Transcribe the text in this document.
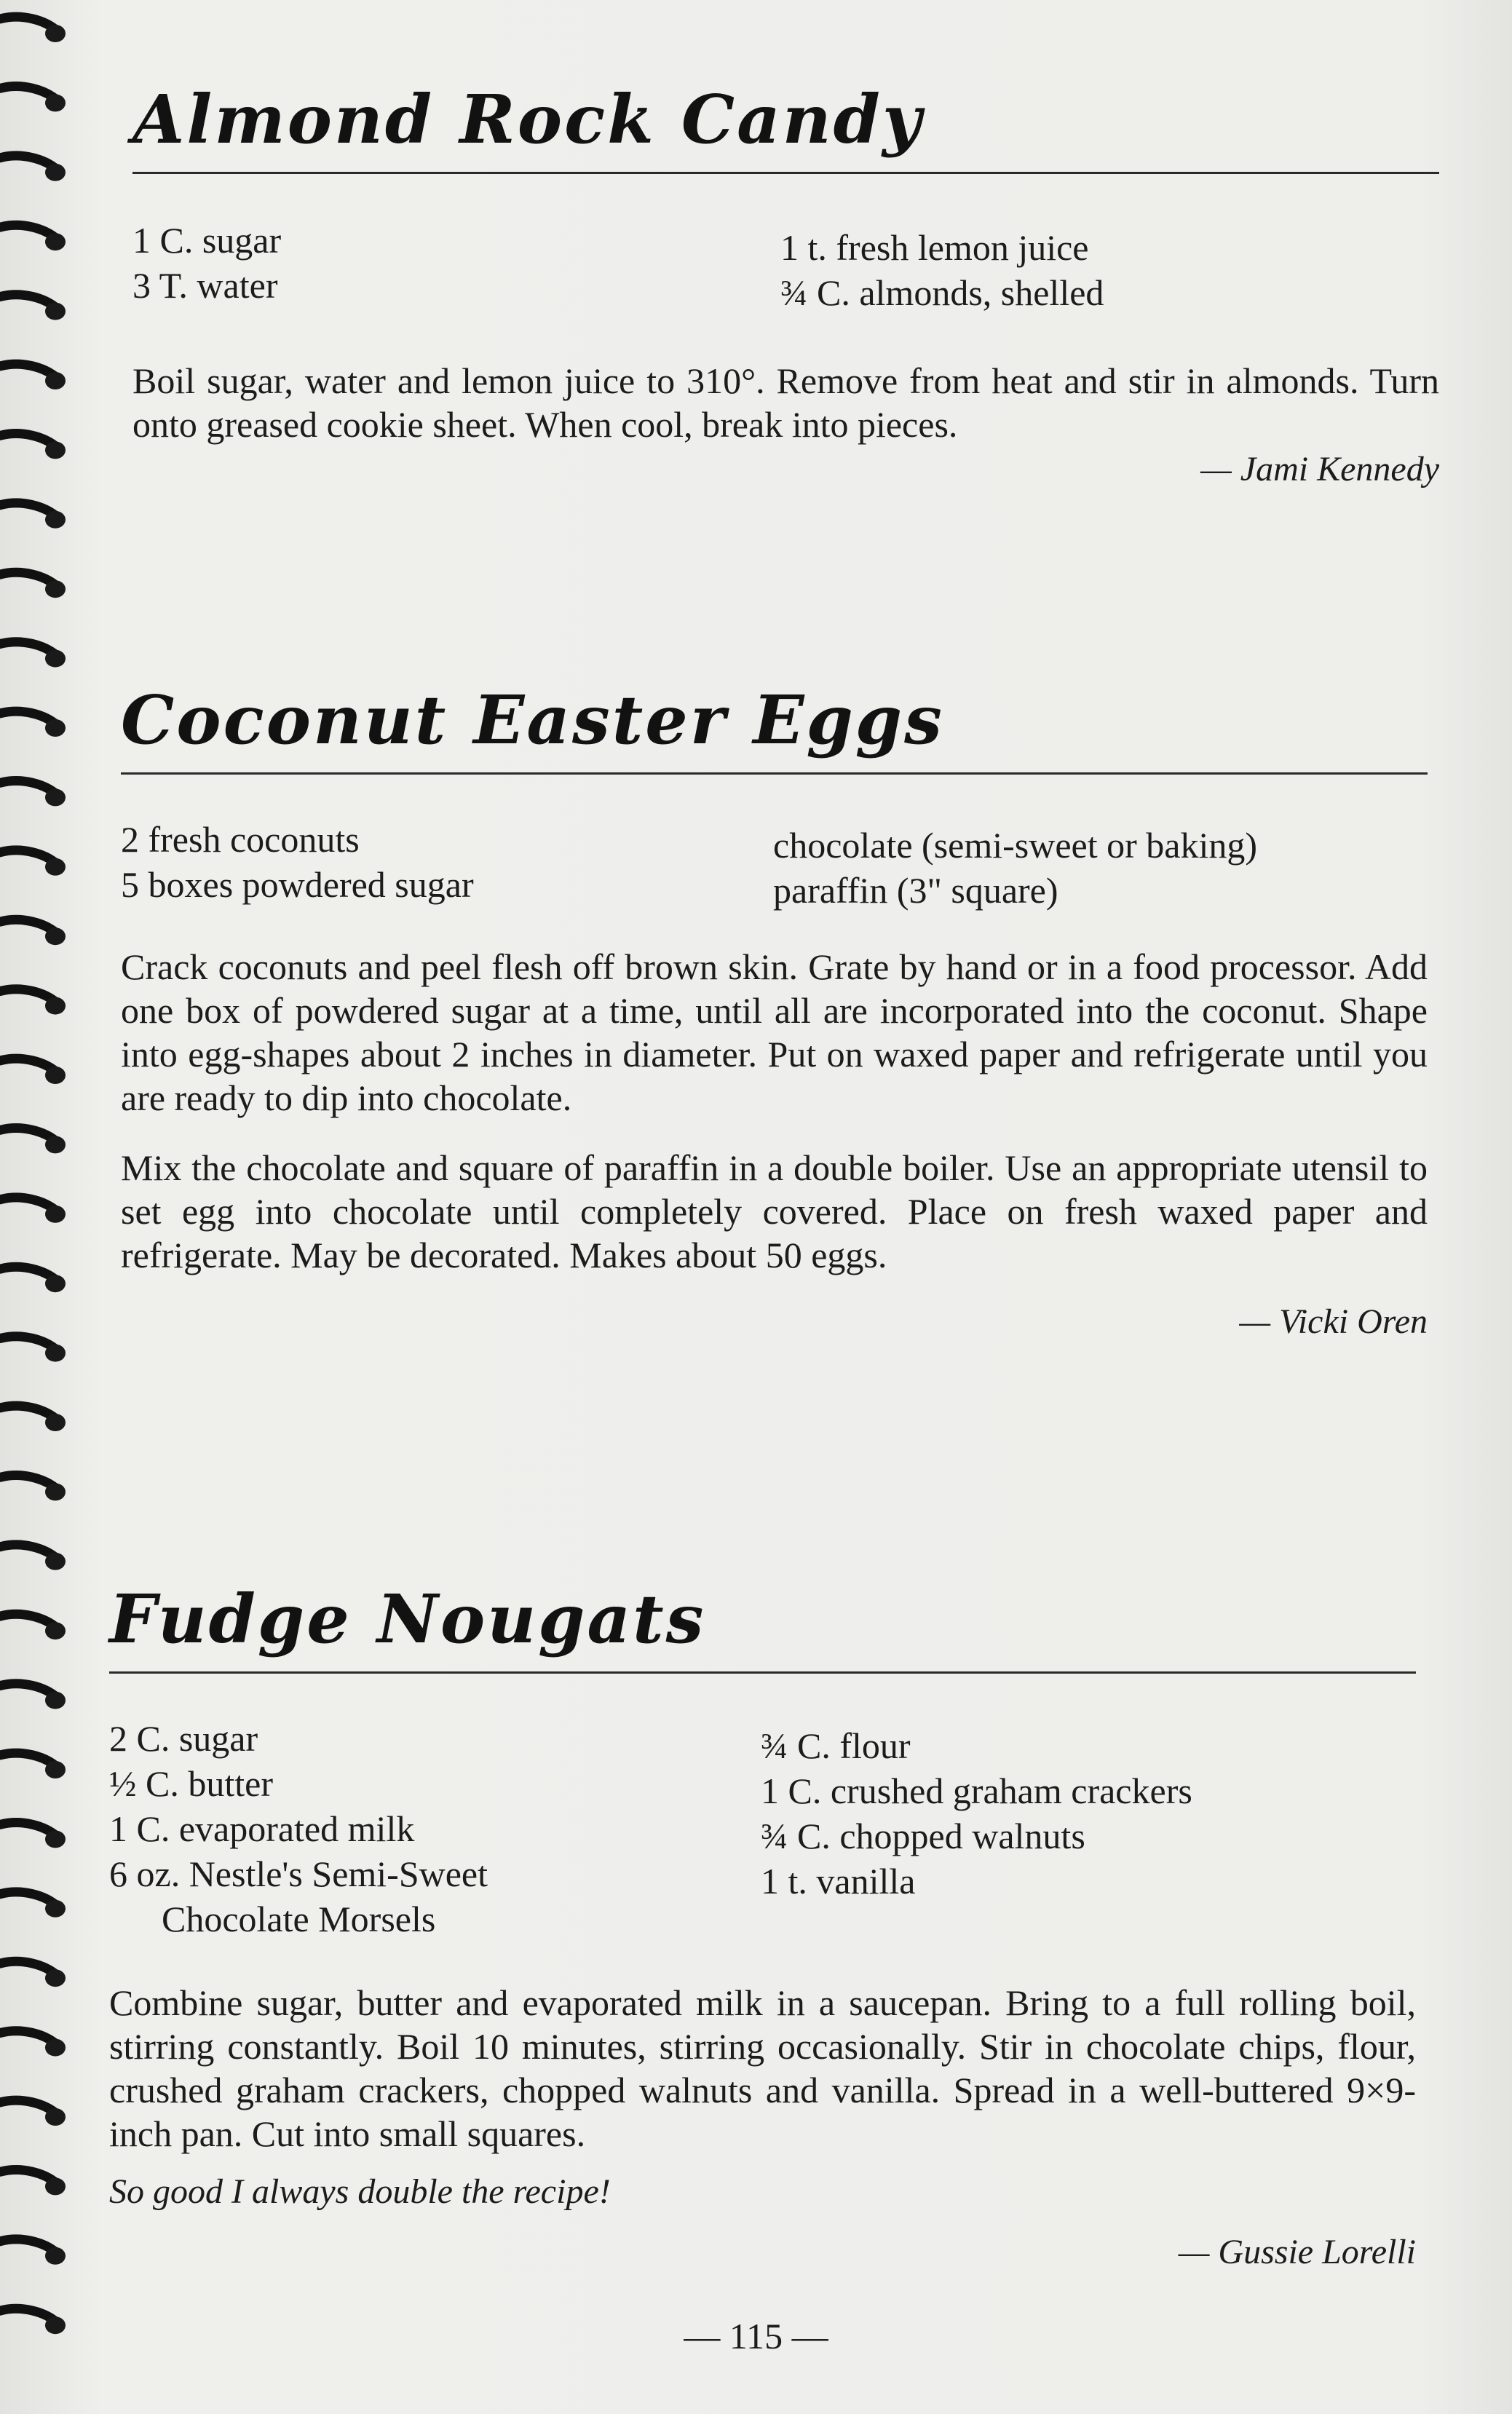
Almond Rock Candy
1 C. sugar
3 T. water
1 t. fresh lemon juice
¾ C. almonds, shelled

Boil sugar, water and lemon juice to 310°. Remove from heat and stir in almonds. Turn onto greased cookie sheet. When cool, break into pieces.

— Jami Kennedy

Coconut Easter Eggs
2 fresh coconuts
5 boxes powdered sugar
chocolate (semi-sweet or baking)
paraffin (3" square)

Crack coconuts and peel flesh off brown skin. Grate by hand or in a food processor. Add one box of powdered sugar at a time, until all are incorporated into the coconut. Shape into egg-shapes about 2 inches in diameter. Put on waxed paper and refrigerate until you are ready to dip into chocolate.

Mix the chocolate and square of paraffin in a double boiler. Use an appropriate utensil to set egg into chocolate until completely covered. Place on fresh waxed paper and refrigerate. May be decorated. Makes about 50 eggs.

— Vicki Oren

Fudge Nougats
2 C. sugar
½ C. butter
1 C. evaporated milk
6 oz. Nestle's Semi-Sweet
Chocolate Morsels
¾ C. flour
1 C. crushed graham crackers
¾ C. chopped walnuts
1 t. vanilla

Combine sugar, butter and evaporated milk in a saucepan. Bring to a full rolling boil, stirring constantly. Boil 10 minutes, stirring occasionally. Stir in chocolate chips, flour, crushed graham crackers, chopped walnuts and vanilla. Spread in a well-buttered 9×9-inch pan. Cut into small squares.

So good I always double the recipe!

— Gussie Lorelli

— 115 —
